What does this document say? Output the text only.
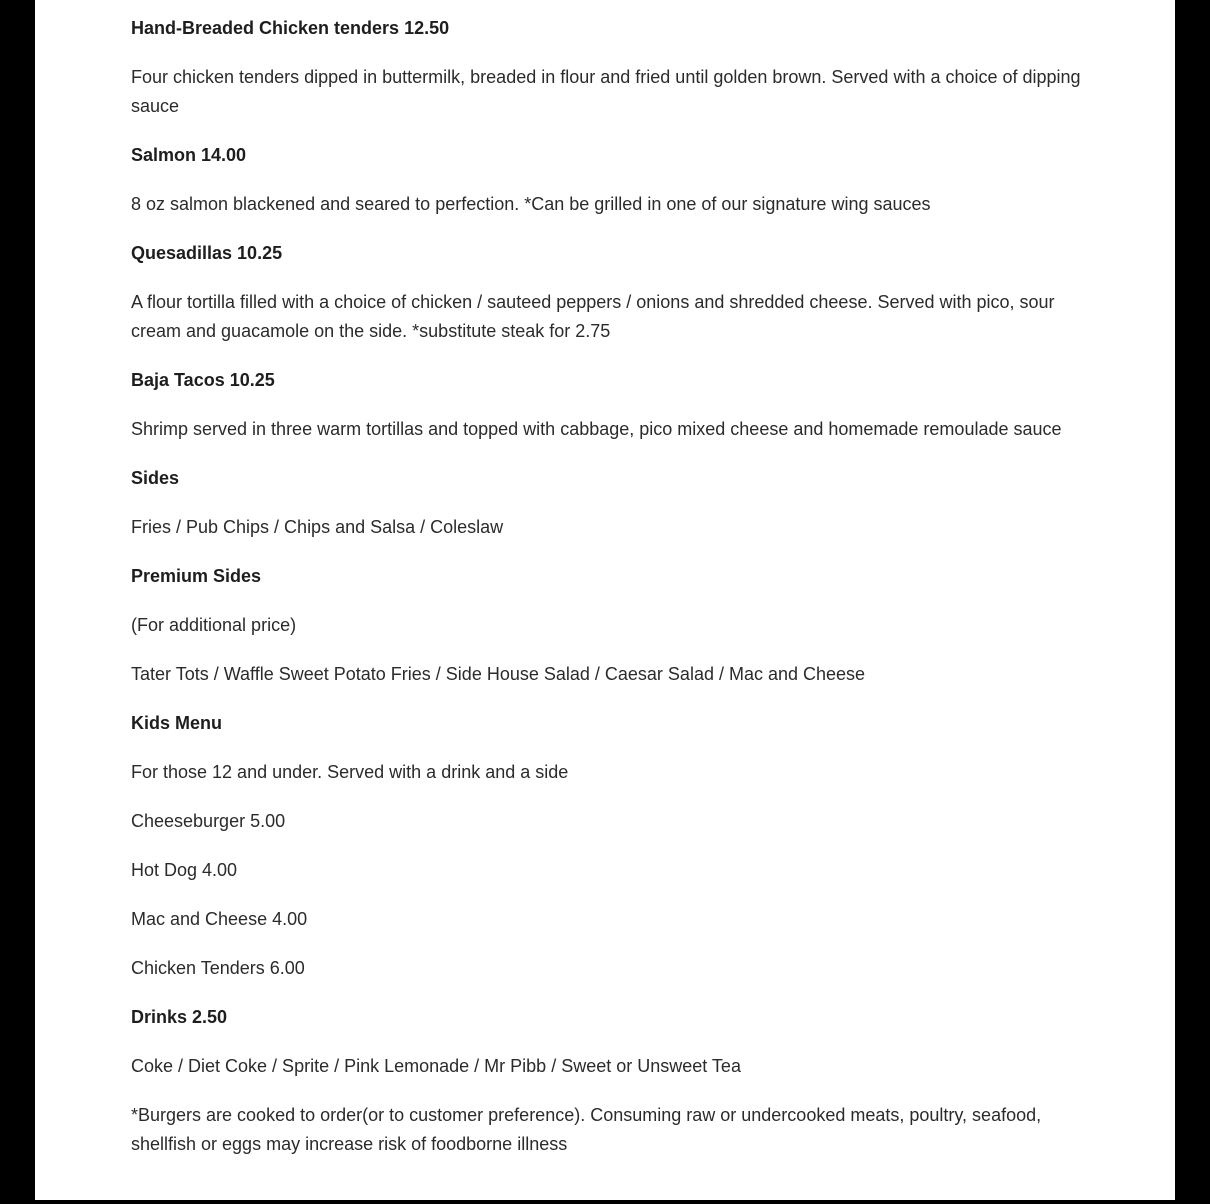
Hand-Breaded Chicken tenders 12.50

Four chicken tenders dipped in buttermilk, breaded in flour and fried until golden brown. Served with a choice of dipping sauce

Salmon 14.00

8 oz salmon blackened and seared to perfection. *Can be grilled in one of our signature wing sauces

Quesadillas 10.25

A flour tortilla filled with a choice of chicken / sauteed peppers / onions and shredded cheese. Served with pico, sour cream and guacamole on the side. *substitute steak for 2.75

Baja Tacos 10.25

Shrimp served in three warm tortillas and topped with cabbage, pico mixed cheese and homemade remoulade sauce

Sides

Fries / Pub Chips / Chips and Salsa / Coleslaw

Premium Sides

(For additional price)

Tater Tots / Waffle Sweet Potato Fries / Side House Salad / Caesar Salad / Mac and Cheese

Kids Menu

For those 12 and under. Served with a drink and a side

Cheeseburger 5.00

Hot Dog 4.00

Mac and Cheese 4.00

Chicken Tenders 6.00

Drinks 2.50

Coke / Diet Coke / Sprite / Pink Lemonade / Mr Pibb / Sweet or Unsweet Tea

*Burgers are cooked to order(or to customer preference). Consuming raw or undercooked meats, poultry, seafood, shellfish or eggs may increase risk of foodborne illness
